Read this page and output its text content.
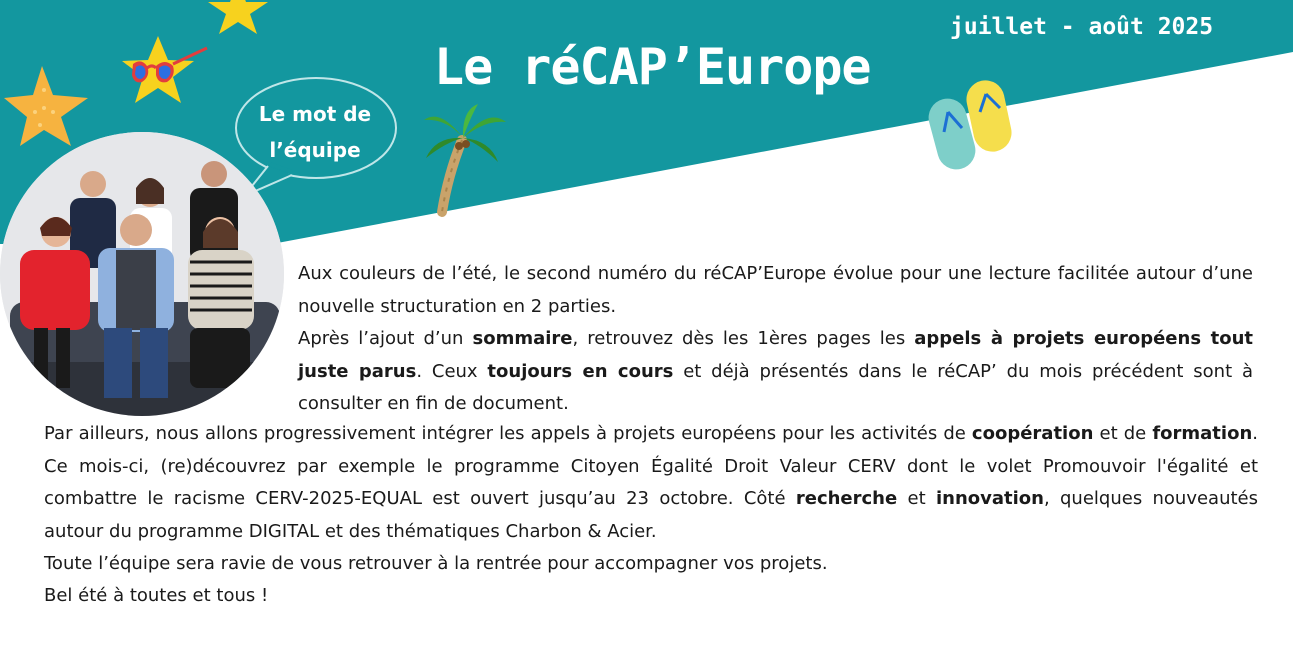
Le réCAP’Europe
juillet - août 2025
Le mot de
l’équipe

Aux couleurs de l’été, le second numéro du réCAP’Europe évolue pour une lecture facilitée autour d’une nouvelle structuration en 2 parties.
Après l’ajout d’un sommaire, retrouvez dès les 1ères pages les appels à projets européens tout juste parus. Ceux toujours en cours et déjà présentés dans le réCAP’ du mois précédent sont à consulter en fin de document.

Par ailleurs, nous allons progressivement intégrer les appels à projets européens pour les activités de coopération et de formation. Ce mois-ci, (re)découvrez par exemple le programme Citoyen Égalité Droit Valeur CERV dont le volet Promouvoir l'égalité et combattre le racisme CERV-2025-EQUAL est ouvert jusqu’au 23 octobre. Côté recherche et innovation, quelques nouveautés autour du programme DIGITAL et des thématiques Charbon & Acier.

Toute l’équipe sera ravie de vous retrouver à la rentrée pour accompagner vos projets.

Bel été à toutes et tous !
